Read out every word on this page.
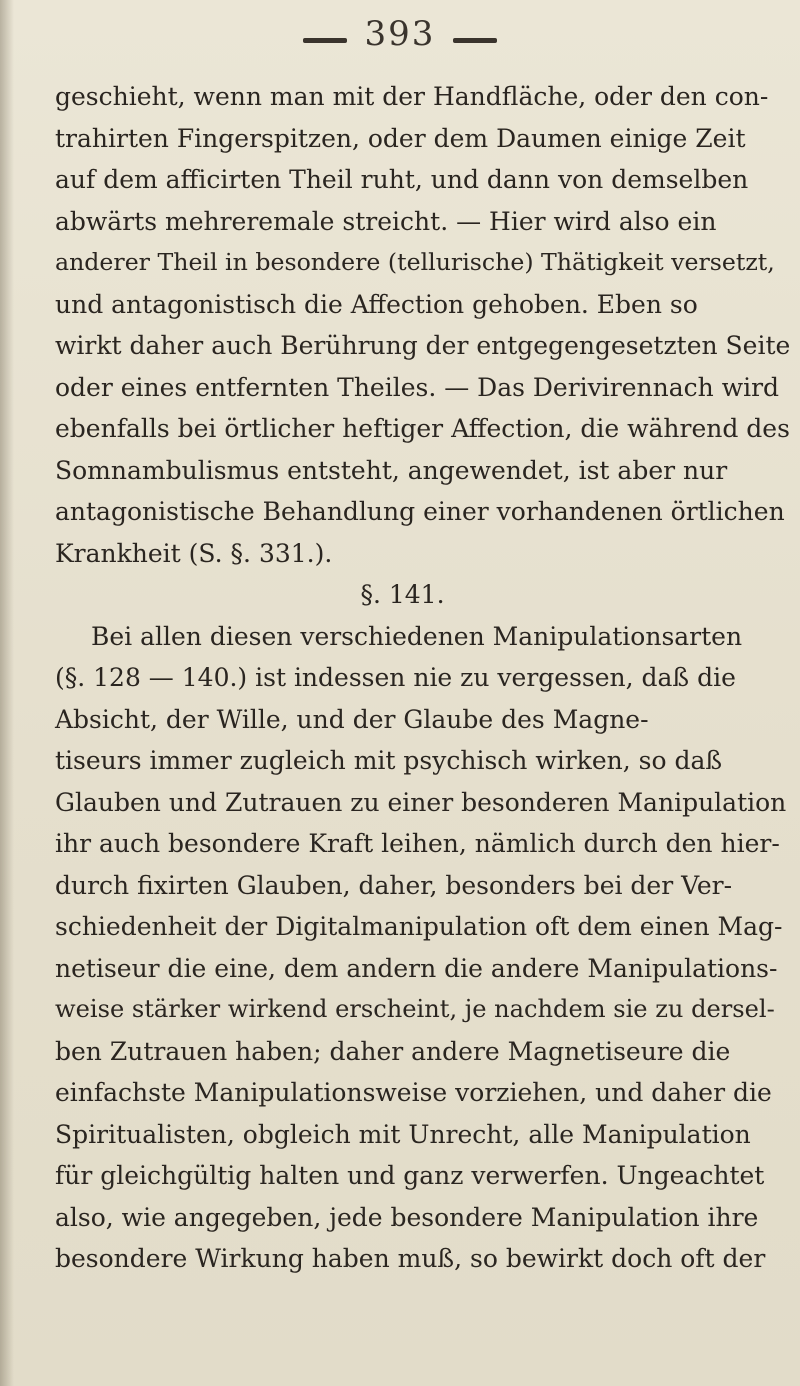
393
geschieht, wenn man mit der Handfläche, oder den con-
trahirten Fingerspitzen, oder dem Daumen einige Zeit
auf dem afficirten Theil ruht, und dann von demselben
abwärts mehreremale streicht. — Hier wird also ein
anderer Theil in besondere (tellurische) Thätigkeit versetzt,
und antagonistisch die Affection gehoben. Eben so
wirkt daher auch Berührung der entgegengesetzten Seite
oder eines entfernten Theiles. — Das Derivirennach wird
ebenfalls bei örtlicher heftiger Affection, die während des
Somnambulismus entsteht, angewendet, ist aber nur
antagonistische Behandlung einer vorhandenen örtlichen
Krankheit (S. §. 331.).
§. 141.
Bei allen diesen verschiedenen Manipulationsarten
(§. 128 — 140.) ist indessen nie zu vergessen, daß die
Absicht, der Wille, und der Glaube des Magne-
tiseurs immer zugleich mit psychisch wirken, so daß
Glauben und Zutrauen zu einer besonderen Manipulation
ihr auch besondere Kraft leihen, nämlich durch den hier-
durch fixirten Glauben, daher, besonders bei der Ver-
schiedenheit der Digitalmanipulation oft dem einen Mag-
netiseur die eine, dem andern die andere Manipulations-
weise stärker wirkend erscheint, je nachdem sie zu dersel-
ben Zutrauen haben; daher andere Magnetiseure die
einfachste Manipulationsweise vorziehen, und daher die
Spiritualisten, obgleich mit Unrecht, alle Manipulation
für gleichgültig halten und ganz verwerfen. Ungeachtet
also, wie angegeben, jede besondere Manipulation ihre
besondere Wirkung haben muß, so bewirkt doch oft der
